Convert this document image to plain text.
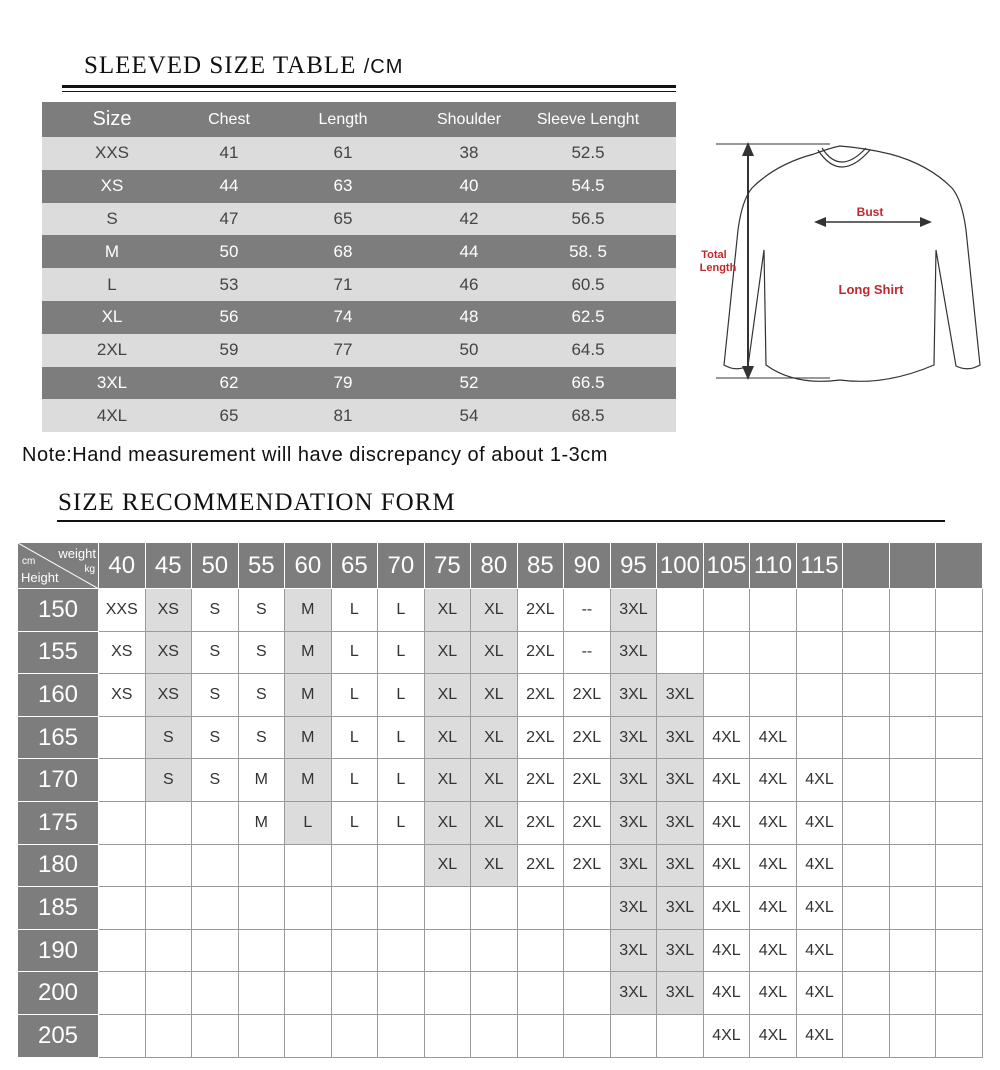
SLEEVED SIZE TABLE /CM
Size	Chest	Length	Shoulder	Sleeve Lenght
XXS	41	61	38	52.5
XS	44	63	40	54.5
S	47	65	42	56.5
M	50	68	44	58. 5
L	53	71	46	60.5
XL	56	74	48	62.5
2XL	59	77	50	64.5
3XL	62	79	52	66.5
4XL	65	81	54	68.5
Note:Hand measurement will have discrepancy of about 1-3cm
Bust
Total
Length
Long Shirt
SIZE RECOMMENDATION FORM
weight
kg
cm
Height	40	45	50	55	60	65	70	75	80	85	90	95	100	105	110	115			
150	XXS	XS	S	S	M	L	L	XL	XL	2XL	--	3XL							
155	XS	XS	S	S	M	L	L	XL	XL	2XL	--	3XL							
160	XS	XS	S	S	M	L	L	XL	XL	2XL	2XL	3XL	3XL						
165		S	S	S	M	L	L	XL	XL	2XL	2XL	3XL	3XL	4XL	4XL				
170		S	S	M	M	L	L	XL	XL	2XL	2XL	3XL	3XL	4XL	4XL	4XL			
175				M	L	L	L	XL	XL	2XL	2XL	3XL	3XL	4XL	4XL	4XL			
180								XL	XL	2XL	2XL	3XL	3XL	4XL	4XL	4XL			
185												3XL	3XL	4XL	4XL	4XL			
190												3XL	3XL	4XL	4XL	4XL			
200												3XL	3XL	4XL	4XL	4XL			
205														4XL	4XL	4XL			
